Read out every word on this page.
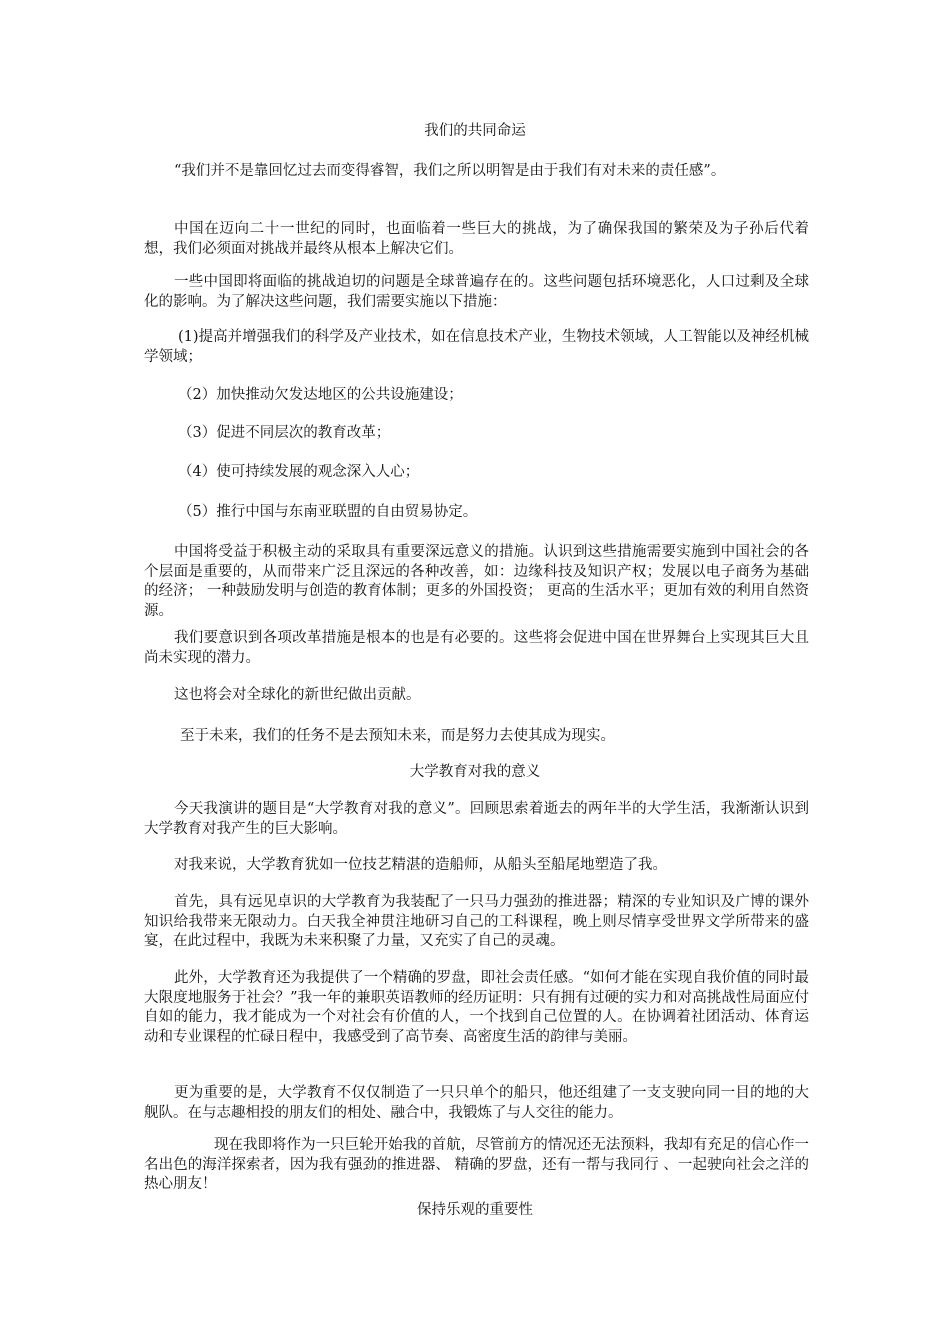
我们的共同命运

“我们并不是靠回忆过去而变得睿智，我们之所以明智是由于我们有对未来的责任感”。

中国在迈向二十一世纪的同时，也面临着一些巨大的挑战，为了确保我国的繁荣及为子孙后代着想，我们必须面对挑战并最终从根本上解决它们。

一些中国即将面临的挑战迫切的问题是全球普遍存在的。这些问题包括环境恶化，人口过剩及全球化的影响。为了解决这些问题，我们需要实施以下措施：

(1)提高并增强我们的科学及产业技术，如在信息技术产业，生物技术领域，人工智能以及神经机械学领域；

（2）加快推动欠发达地区的公共设施建设；

（3）促进不同层次的教育改革；

（4）使可持续发展的观念深入人心；

（5）推行中国与东南亚联盟的自由贸易协定。

中国将受益于积极主动的采取具有重要深远意义的措施。认识到这些措施需要实施到中国社会的各个层面是重要的，从而带来广泛且深远的各种改善，如：边缘科技及知识产权；发展以电子商务为基础的经济； 一种鼓励发明与创造的教育体制；更多的外国投资； 更高的生活水平；更加有效的利用自然资源。

我们要意识到各项改革措施是根本的也是有必要的。这些将会促进中国在世界舞台上实现其巨大且尚未实现的潜力。

这也将会对全球化的新世纪做出贡献。

至于未来，我们的任务不是去预知未来，而是努力去使其成为现实。

大学教育对我的意义

今天我演讲的题目是“大学教育对我的意义”。回顾思索着逝去的两年半的大学生活，我渐渐认识到大学教育对我产生的巨大影响。

对我来说，大学教育犹如一位技艺精湛的造船师，从船头至船尾地塑造了我。

首先，具有远见卓识的大学教育为我装配了一只马力强劲的推进器；精深的专业知识及广博的课外知识给我带来无限动力。白天我全神贯注地研习自己的工科课程，晚上则尽情享受世界文学所带来的盛宴，在此过程中，我既为未来积聚了力量，又充实了自己的灵魂。

此外，大学教育还为我提供了一个精确的罗盘，即社会责任感。“如何才能在实现自我价值的同时最大限度地服务于社会？”我一年的兼职英语教师的经历证明：只有拥有过硬的实力和对高挑战性局面应付自如的能力，我才能成为一个对社会有价值的人，一个找到自己位置的人。在协调着社团活动、体育运动和专业课程的忙碌日程中，我感受到了高节奏、高密度生活的韵律与美丽。

更为重要的是，大学教育不仅仅制造了一只只单个的船只，他还组建了一支支驶向同一目的地的大舰队。在与志趣相投的朋友们的相处、融合中，我锻炼了与人交往的能力。

现在我即将作为一只巨轮开始我的首航，尽管前方的情况还无法预料，我却有充足的信心作一名出色的海洋探索者，因为我有强劲的推进器、 精确的罗盘，还有一帮与我同行 、一起驶向社会之洋的热心朋友！

保持乐观的重要性
